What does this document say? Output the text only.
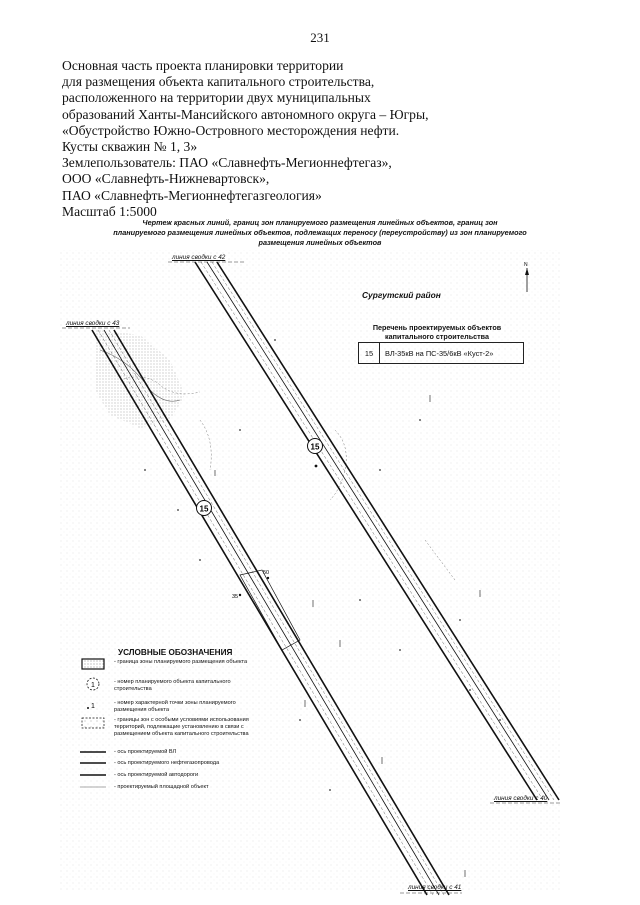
231
Основная часть проекта планировки территории
для размещения объекта капитального строительства,
расположенного на территории двух муниципальных
образований Ханты-Мансийского автономного округа – Югры,
«Обустройство Южно-Островного месторождения нефти.
Кусты скважин № 1, 3»
Землепользователь: ПАО «Славнефть-Мегионнефтегаз»,
ООО «Славнефть-Нижневартовск»,
ПАО «Славнефть-Мегионнефтегазгеология»
Масштаб 1:5000
Чертеж красных линий, границ зон планируемого размещения линейных объектов, границ зон
планируемого размещения линейных объектов, подлежащих переносу (переустройству) из зон планируемого
размещения линейных объектов
15
15
50
35
N
1
1
Сургутский район
линия сводки с 42
линия сводки с 43
линия сводки с 40
линия сводки с 41
Перечень проектируемых объектов капитального строительства
15	ВЛ-35кВ на ПС-35/6кВ «Куст-2»
УСЛОВНЫЕ ОБОЗНАЧЕНИЯ
- граница зоны планируемого размещения объекта
- номер планируемого объекта капитального строительства
- номер характерной точки зоны планируемого размещения объекта
- границы зон с особыми условиями использования территорий, подлежащие установлению в связи с размещением объекта капитального строительства
- ось проектируемой ВЛ
- ось проектируемого нефтегазопровода
- ось проектируемой автодороги
- проектируемый площадной объект
